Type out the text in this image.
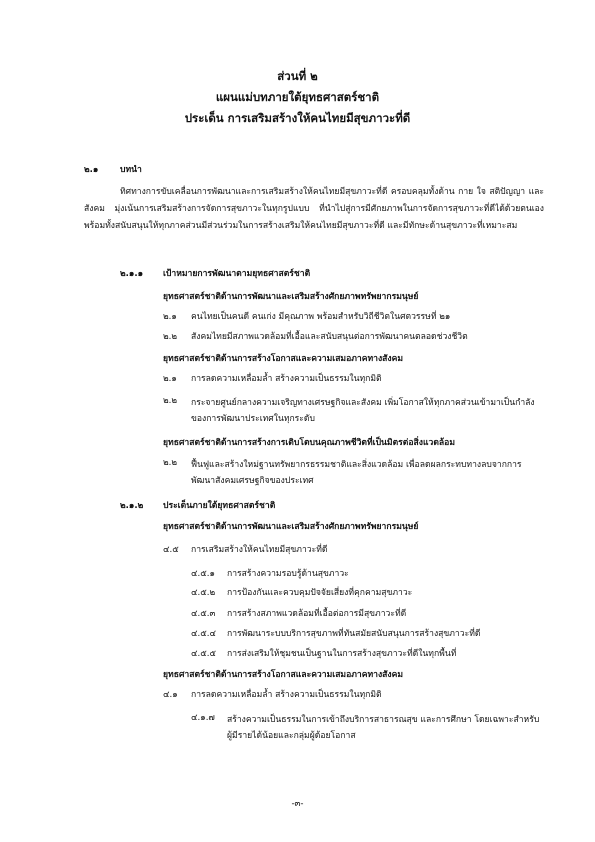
ส่วนที่ ๒
แผนแม่บทภายใต้ยุทธศาสตร์ชาติ
ประเด็น การเสริมสร้างให้คนไทยมีสุขภาวะที่ดี
๒.๑	บทนำ
ทิศทางการขับเคลื่อนการพัฒนาและการเสริมสร้างให้คนไทยมีสุขภาวะที่ดี ครอบคลุมทั้งด้าน กาย ใจ สติปัญญา และสังคม มุ่งเน้นการเสริมสร้างการจัดการสุขภาวะในทุกรูปแบบ ที่นำไปสู่การมีศักยภาพในการจัดการสุขภาวะที่ดีได้ด้วยตนเอง พร้อมทั้งสนับสนุนให้ทุกภาคส่วนมีส่วนร่วมในการสร้างเสริมให้คนไทยมีสุขภาวะที่ดี และมีทักษะด้านสุขภาวะที่เหมาะสม
๒.๑.๑ เป้าหมายการพัฒนาตามยุทธศาสตร์ชาติ
ยุทธศาสตร์ชาติด้านการพัฒนาและเสริมสร้างศักยภาพทรัพยากรมนุษย์
๒.๑ คนไทยเป็นคนดี คนเก่ง มีคุณภาพ พร้อมสำหรับวิถีชีวิตในศตวรรษที่ ๒๑
๒.๒ สังคมไทยมีสภาพแวดล้อมที่เอื้อและสนับสนุนต่อการพัฒนาคนตลอดช่วงชีวิต
ยุทธศาสตร์ชาติด้านการสร้างโอกาสและความเสมอภาคทางสังคม
๒.๑ การลดความเหลื่อมล้ำ สร้างความเป็นธรรมในทุกมิติ
๒.๒ กระจายศูนย์กลางความเจริญทางเศรษฐกิจและสังคม เพิ่มโอกาสให้ทุกภาคส่วนเข้ามาเป็นกำลังของการพัฒนาประเทศในทุกระดับ
ยุทธศาสตร์ชาติด้านการสร้างการเติบโตบนคุณภาพชีวิตที่เป็นมิตรต่อสิ่งแวดล้อม
๒.๒ ฟื้นฟูและสร้างใหม่ฐานทรัพยากรธรรมชาติและสิ่งแวดล้อม เพื่อลดผลกระทบทางลบจากการพัฒนาสังคมเศรษฐกิจของประเทศ
๒.๑.๒ ประเด็นภายใต้ยุทธศาสตร์ชาติ
ยุทธศาสตร์ชาติด้านการพัฒนาและเสริมสร้างศักยภาพทรัพยากรมนุษย์
๔.๕ การเสริมสร้างให้คนไทยมีสุขภาวะที่ดี
๔.๕.๑ การสร้างความรอบรู้ด้านสุขภาวะ
๔.๕.๒ การป้องกันและควบคุมปัจจัยเสี่ยงที่คุกคามสุขภาวะ
๔.๕.๓ การสร้างสภาพแวดล้อมที่เอื้อต่อการมีสุขภาวะที่ดี
๔.๕.๔ การพัฒนาระบบบริการสุขภาพที่ทันสมัยสนับสนุนการสร้างสุขภาวะที่ดี
๔.๕.๕ การส่งเสริมให้ชุมชนเป็นฐานในการสร้างสุขภาวะที่ดีในทุกพื้นที่
ยุทธศาสตร์ชาติด้านการสร้างโอกาสและความเสมอภาคทางสังคม
๔.๑ การลดความเหลื่อมล้ำ สร้างความเป็นธรรมในทุกมิติ
๔.๑.๗ สร้างความเป็นธรรมในการเข้าถึงบริการสาธารณสุข และการศึกษา โดยเฉพาะสำหรับผู้มีรายได้น้อยและกลุ่มผู้ด้อยโอกาส
-๓-
